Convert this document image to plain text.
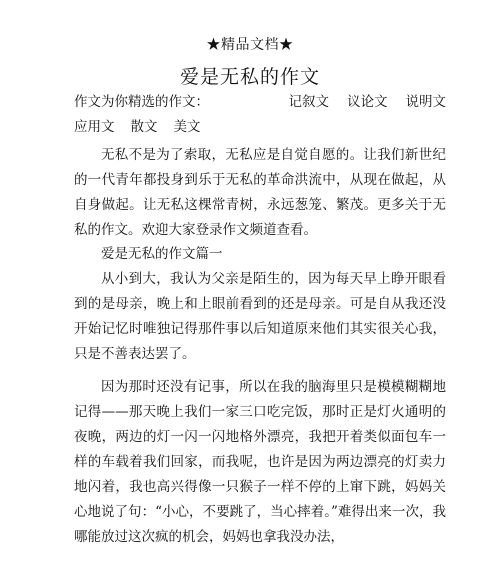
★精品文档★
爱是无私的作文
作文为你精选的作文：	记叙文 议论文 说明文
应用文 散文 美文

无私不是为了索取，无私应是自觉自愿的。让我们新世纪的一代青年都投身到乐于无私的革命洪流中，从现在做起，从自身做起。让无私这棵常青树，永远葱笼、繁茂。更多关于无私的作文。欢迎大家登录作文频道查看。

爱是无私的作文篇一

从小到大，我认为父亲是陌生的，因为每天早上睁开眼看到的是母亲，晚上和上眼前看到的还是母亲。可是自从我还没开始记忆时唯独记得那件事以后知道原来他们其实很关心我，只是不善表达罢了。

因为那时还没有记事，所以在我的脑海里只是模模糊糊地记得——那天晚上我们一家三口吃完饭，那时正是灯火通明的夜晚，两边的灯一闪一闪地格外漂亮，我把开着类似面包车一样的车载着我们回家，而我呢，也许是因为两边漂亮的灯卖力地闪着，我也高兴得像一只猴子一样不停的上窜下跳，妈妈关心地说了句：“小心，不要跳了，当心摔着。”难得出来一次，我哪能放过这次疯的机会，妈妈也拿我没办法，
